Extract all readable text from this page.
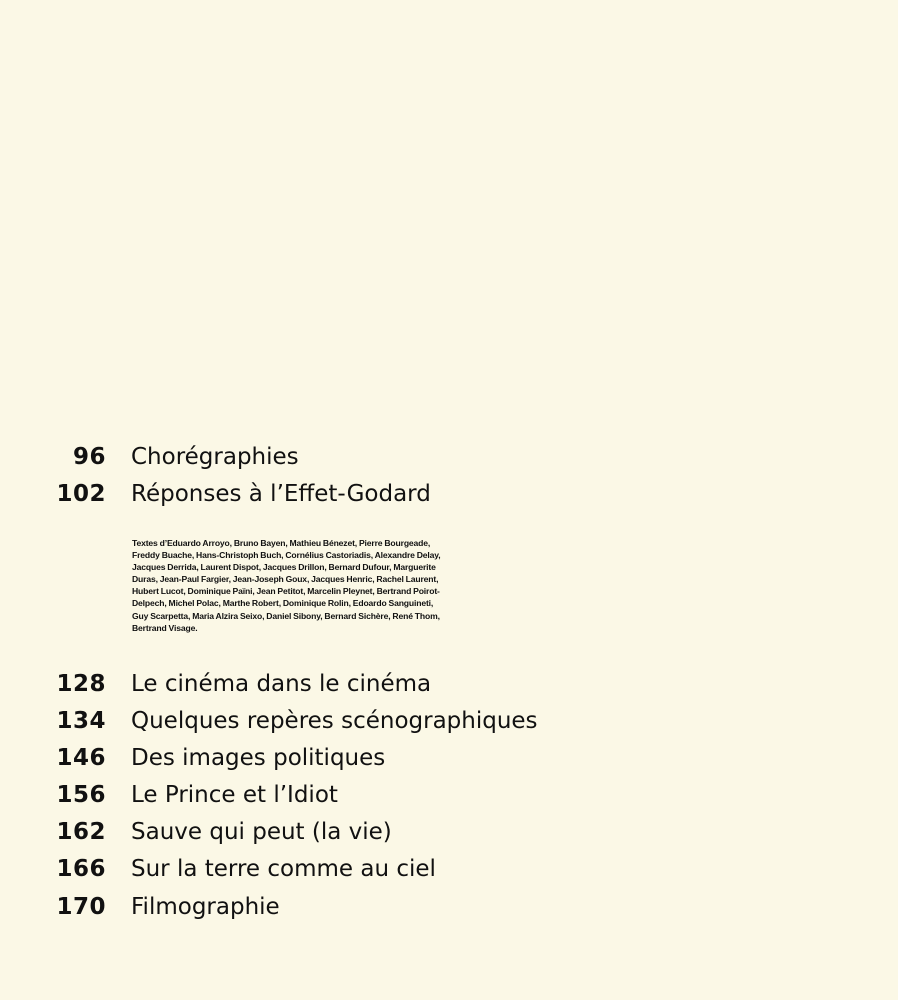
96 Chorégraphies
102 Réponses à l’Effet-Godard
Textes d’Eduardo Arroyo, Bruno Bayen, Mathieu Bénezet, Pierre Bourgeade, Freddy Buache, Hans-Christoph Buch, Cornélius Castoriadis, Alexandre Delay, Jacques Derrida, Laurent Dispot, Jacques Drillon, Bernard Dufour, Marguerite Duras, Jean-Paul Fargier, Jean-Joseph Goux, Jacques Henric, Rachel Laurent, Hubert Lucot, Dominique Païni, Jean Petitot, Marcelin Pleynet, Bertrand Poirot-Delpech, Michel Polac, Marthe Robert, Dominique Rolin, Edoardo Sanguineti, Guy Scarpetta, Maria Alzira Seixo, Daniel Sibony, Bernard Sichère, René Thom, Bertrand Visage.
128 Le cinéma dans le cinéma
134 Quelques repères scénographiques
146 Des images politiques
156 Le Prince et l’Idiot
162 Sauve qui peut (la vie)
166 Sur la terre comme au ciel
170 Filmographie
